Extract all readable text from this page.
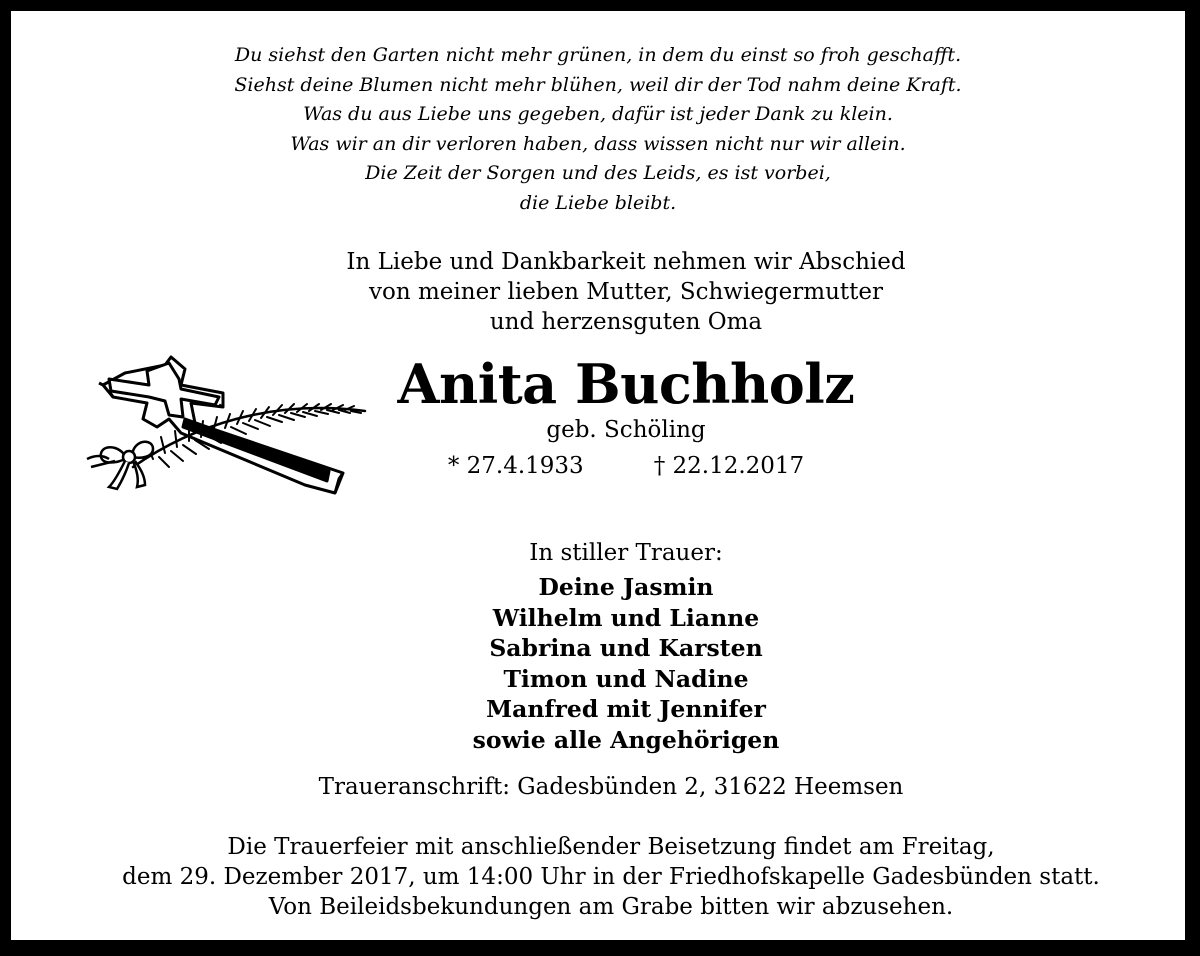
Du siehst den Garten nicht mehr grünen, in dem du einst so froh geschafft.
Siehst deine Blumen nicht mehr blühen, weil dir der Tod nahm deine Kraft.
Was du aus Liebe uns gegeben, dafür ist jeder Dank zu klein.
Was wir an dir verloren haben, dass wissen nicht nur wir allein.
Die Zeit der Sorgen und des Leids, es ist vorbei,
die Liebe bleibt.
In Liebe und Dankbarkeit nehmen wir Abschied
von meiner lieben Mutter, Schwiegermutter
und herzensguten Oma
Anita Buchholz
geb. Schöling
* 27.4.1933	† 22.12.2017
In stiller Trauer:
Deine Jasmin
Wilhelm und Lianne
Sabrina und Karsten
Timon und Nadine
Manfred mit Jennifer
sowie alle Angehörigen
Traueranschrift: Gadesbünden 2, 31622 Heemsen
Die Trauerfeier mit anschließender Beisetzung findet am Freitag,
dem 29. Dezember 2017, um 14:00 Uhr in der Friedhofskapelle Gadesbünden statt.
Von Beileidsbekundungen am Grabe bitten wir abzusehen.
